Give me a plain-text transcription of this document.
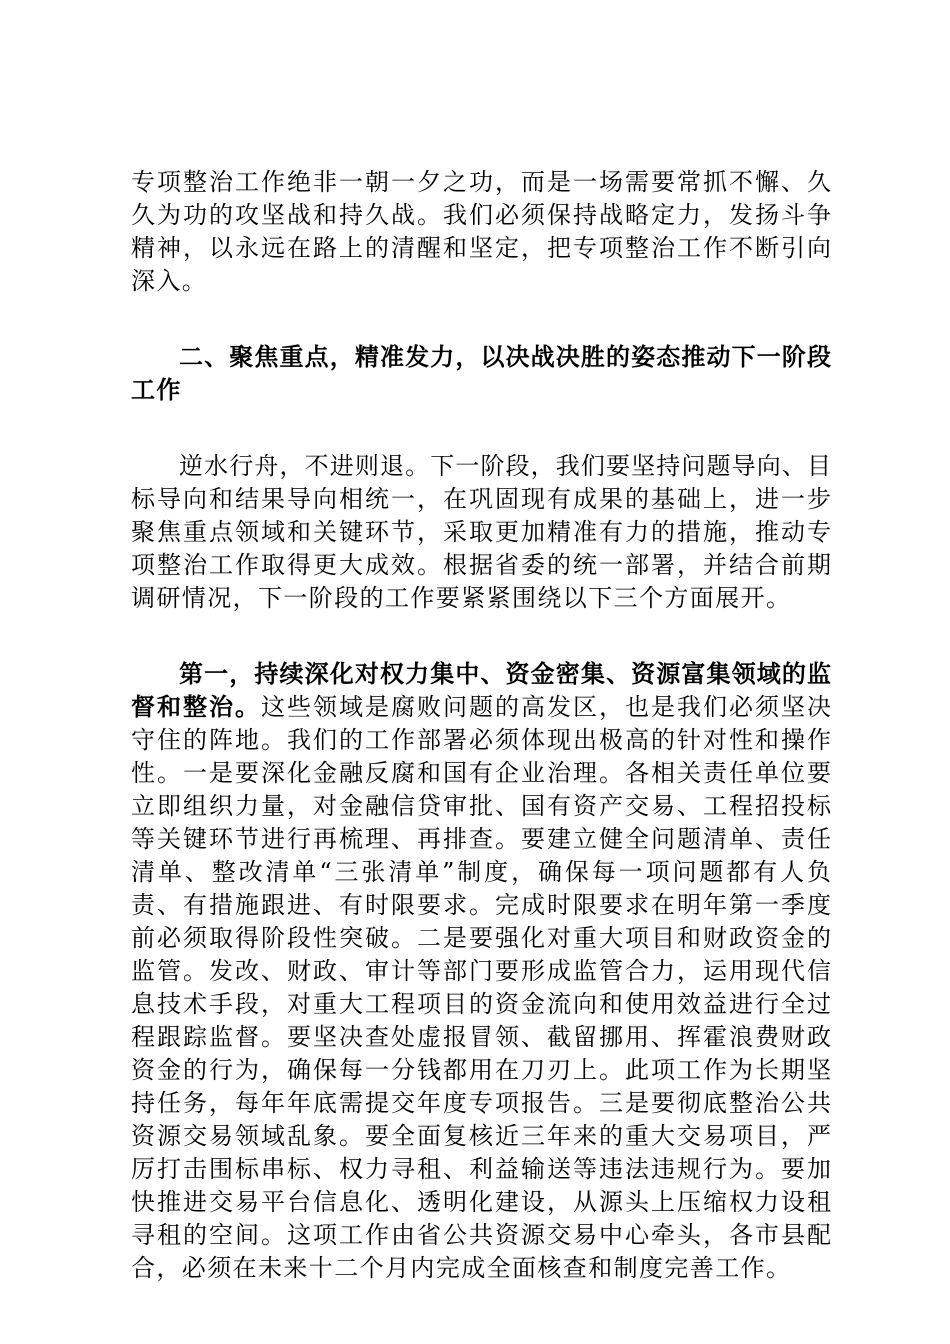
专项整治工作绝非一朝一夕之功，而是一场需要常抓不懈、久
久为功的攻坚战和持久战。我们必须保持战略定力，发扬斗争
精神，以永远在路上的清醒和坚定，把专项整治工作不断引向
深入。
二、聚焦重点，精准发力，以决战决胜的姿态推动下一阶段
工作
逆水行舟，不进则退。下一阶段，我们要坚持问题导向、目
标导向和结果导向相统一，在巩固现有成果的基础上，进一步
聚焦重点领域和关键环节，采取更加精准有力的措施，推动专
项整治工作取得更大成效。根据省委的统一部署，并结合前期
调研情况，下一阶段的工作要紧紧围绕以下三个方面展开。
第一，持续深化对权力集中、资金密集、资源富集领域的监
督和整治。这些领域是腐败问题的高发区，也是我们必须坚决
守住的阵地。我们的工作部署必须体现出极高的针对性和操作
性。一是要深化金融反腐和国有企业治理。各相关责任单位要
立即组织力量，对金融信贷审批、国有资产交易、工程招投标
等关键环节进行再梳理、再排查。要建立健全问题清单、责任
清单、整改清单“三张清单”制度，确保每一项问题都有人负
责、有措施跟进、有时限要求。完成时限要求在明年第一季度
前必须取得阶段性突破。二是要强化对重大项目和财政资金的
监管。发改、财政、审计等部门要形成监管合力，运用现代信
息技术手段，对重大工程项目的资金流向和使用效益进行全过
程跟踪监督。要坚决查处虚报冒领、截留挪用、挥霍浪费财政
资金的行为，确保每一分钱都用在刀刃上。此项工作为长期坚
持任务，每年年底需提交年度专项报告。三是要彻底整治公共
资源交易领域乱象。要全面复核近三年来的重大交易项目，严
厉打击围标串标、权力寻租、利益输送等违法违规行为。要加
快推进交易平台信息化、透明化建设，从源头上压缩权力设租
寻租的空间。这项工作由省公共资源交易中心牵头，各市县配
合，必须在未来十二个月内完成全面核查和制度完善工作。
